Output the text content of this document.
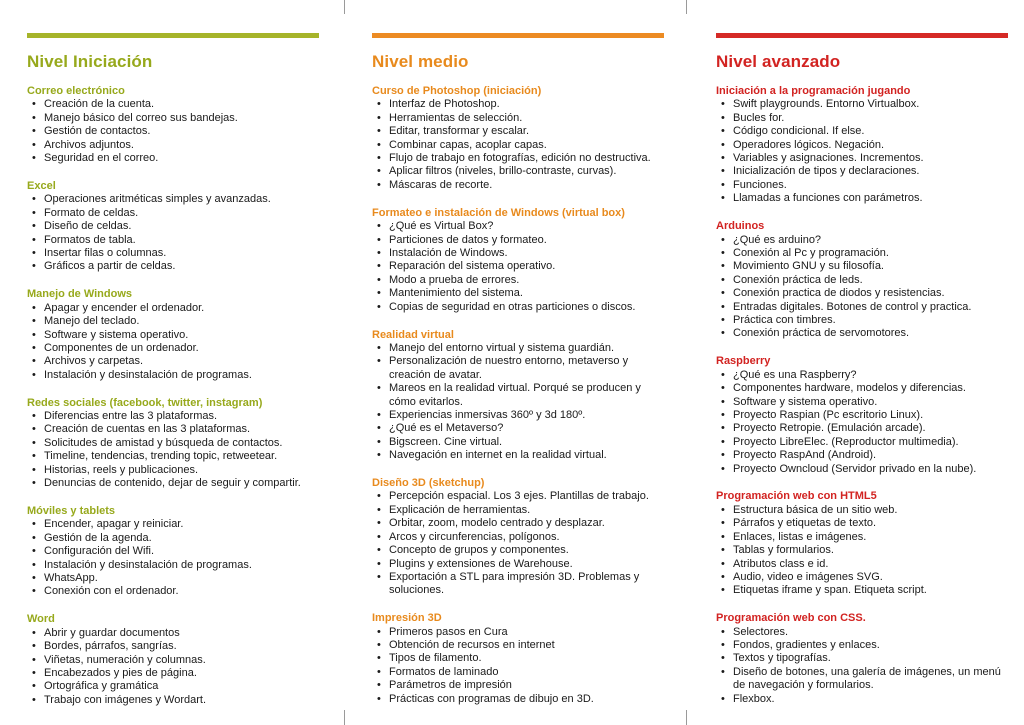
Nivel Iniciación
Correo electrónico
• Creación de la cuenta.
• Manejo básico del correo sus bandejas.
• Gestión de contactos.
• Archivos adjuntos.
• Seguridad en el correo.
Excel
• Operaciones aritméticas simples y avanzadas.
• Formato de celdas.
• Diseño de celdas.
• Formatos de tabla.
• Insertar filas o columnas.
• Gráficos a partir de celdas.
Manejo de Windows
• Apagar y encender el ordenador.
• Manejo del teclado.
• Software y sistema operativo.
• Componentes de un ordenador.
• Archivos y carpetas.
• Instalación y desinstalación de programas.
Redes sociales (facebook, twitter, instagram)
• Diferencias entre las 3 plataformas.
• Creación de cuentas en las 3 plataformas.
• Solicitudes de amistad y búsqueda de contactos.
• Timeline, tendencias, trending topic, retweetear.
• Historias, reels y publicaciones.
• Denuncias de contenido, dejar de seguir y compartir.
Móviles y tablets
• Encender, apagar y reiniciar.
• Gestión de la agenda.
• Configuración del Wifi.
• Instalación y desinstalación de programas.
• WhatsApp.
• Conexión con el ordenador.
Word
• Abrir y guardar documentos
• Bordes, párrafos, sangrías.
• Viñetas, numeración y columnas.
• Encabezados y pies de página.
• Ortográfica y gramática
• Trabajo con imágenes y Wordart.
Nivel medio
Curso de Photoshop (iniciación)
• Interfaz de Photoshop.
• Herramientas de selección.
• Editar, transformar y escalar.
• Combinar capas, acoplar capas.
• Flujo de trabajo en fotografías, edición no destructiva.
• Aplicar filtros (niveles, brillo-contraste, curvas).
• Máscaras de recorte.
Formateo e instalación de Windows (virtual box)
• ¿Qué es Virtual Box?
• Particiones de datos y formateo.
• Instalación de Windows.
• Reparación del sistema operativo.
• Modo a prueba de errores.
• Mantenimiento del sistema.
• Copias de seguridad en otras particiones o discos.
Realidad virtual
• Manejo del entorno virtual y sistema guardián.
• Personalización de nuestro entorno, metaverso y creación de avatar.
• Mareos en la realidad virtual. Porqué se producen y cómo evitarlos.
• Experiencias inmersivas 360º y 3d 180º.
• ¿Qué es el Metaverso?
• Bigscreen. Cine virtual.
• Navegación en internet en la realidad virtual.
Diseño 3D (sketchup)
• Percepción espacial. Los 3 ejes. Plantillas de trabajo.
• Explicación de herramientas.
• Orbitar, zoom, modelo centrado y desplazar.
• Arcos y circunferencias, polígonos.
• Concepto de grupos y componentes.
• Plugins y extensiones de Warehouse.
• Exportación a STL para impresión 3D. Problemas y soluciones.
Impresión 3D
• Primeros pasos en Cura
• Obtención de recursos en internet
• Tipos de filamento.
• Formatos de laminado
• Parámetros de impresión
• Prácticas con programas de dibujo en 3D.
Nivel avanzado
Iniciación a la programación jugando
• Swift playgrounds. Entorno Virtualbox.
• Bucles for.
• Código condicional. If else.
• Operadores lógicos. Negación.
• Variables y asignaciones. Incrementos.
• Inicialización de tipos y declaraciones.
• Funciones.
• Llamadas a funciones con parámetros.
Arduinos
• ¿Qué es arduino?
• Conexión al Pc y programación.
• Movimiento GNU y su filosofía.
• Conexión práctica de leds.
• Conexión practica de diodos y resistencias.
• Entradas digitales. Botones de control y practica.
• Práctica con timbres.
• Conexión práctica de servomotores.
Raspberry
• ¿Qué es una Raspberry?
• Componentes hardware, modelos y diferencias.
• Software y sistema operativo.
• Proyecto Raspian (Pc escritorio Linux).
• Proyecto Retropie. (Emulación arcade).
• Proyecto LibreElec. (Reproductor multimedia).
• Proyecto RaspAnd (Android).
• Proyecto Owncloud (Servidor privado en la nube).
Programación web con HTML5
• Estructura básica de un sitio web.
• Párrafos y etiquetas de texto.
• Enlaces, listas e imágenes.
• Tablas y formularios.
• Atributos class e id.
• Audio, video e imágenes SVG.
• Etiquetas iframe y span. Etiqueta script.
Programación web con CSS.
• Selectores.
• Fondos, gradientes y enlaces.
• Textos y tipografías.
• Diseño de botones, una galería de imágenes, un menú de navegación y formularios.
• Flexbox.
